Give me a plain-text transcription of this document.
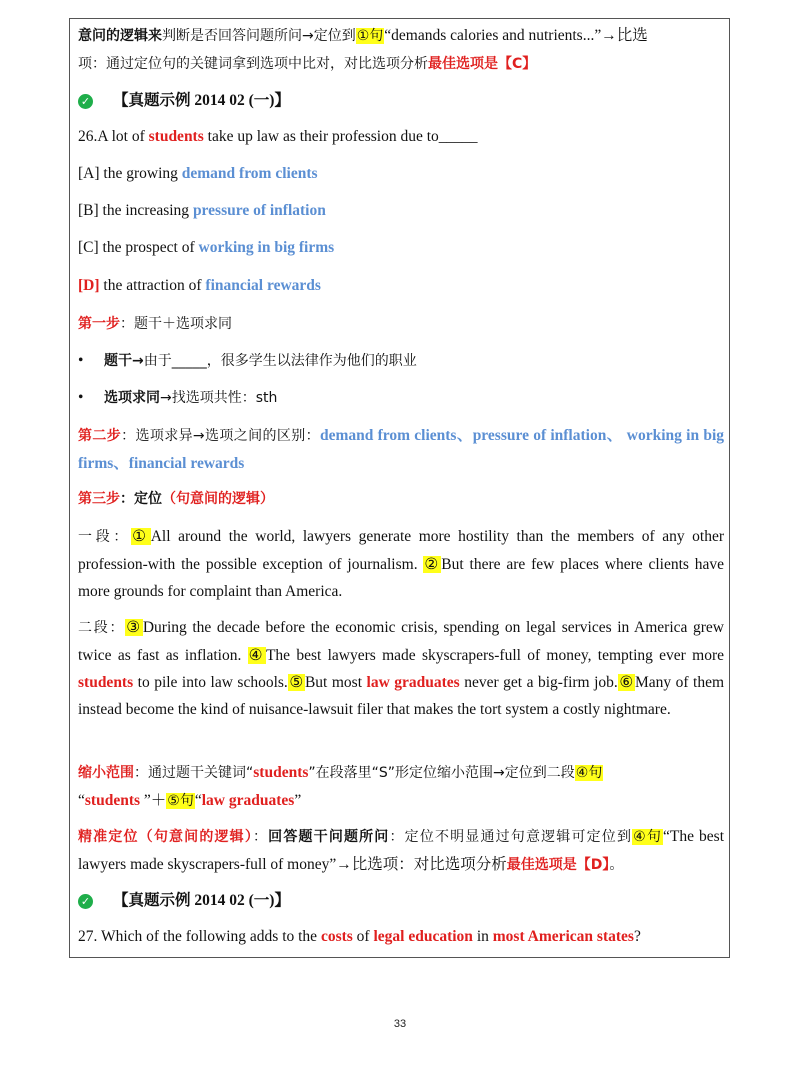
意问的逻辑来判断是否回答问题所问→定位到①句“demands calories and nutrients...”→比选
项：通过定位句的关键词拿到选项中比对，对比选项分析最佳选项是【C】
✓ 【真题示例 2014 02 (一)】
26.A lot of students take up law as their profession due to_____
[A] the growing demand from clients
[B] the increasing pressure of inflation
[C] the prospect of working in big firms
[D] the attraction of financial rewards
第一步：题干＋选项求同
• 题干→由于_____，很多学生以法律作为他们的职业
• 选项求同→找选项共性：sth
第二步：选项求异→选项之间的区别：demand from clients、pressure of inflation、 working in big firms、financial rewards
第三步：定位（句意间的逻辑）
一段：①All around the world, lawyers generate more hostility than the members of any other profession-with the possible exception of journalism. ②But there are few places where clients have more grounds for complaint than America.
二段：③During the decade before the economic crisis, spending on legal services in America grew twice as fast as inflation. ④The best lawyers made skyscrapers-full of money, tempting ever more students to pile into law schools.⑤But most law graduates never get a big-firm job.⑥Many of them instead become the kind of nuisance-lawsuit filer that makes the tort system a costly nightmare.
缩小范围：通过题干关键词“students”在段落里“S”形定位缩小范围→定位到二段④句
“students ”＋⑤句“law graduates”
精准定位（句意间的逻辑）：回答题干问题所问：定位不明显通过句意逻辑可定位到④句“The best lawyers made skyscrapers-full of money”→比选项：对比选项分析最佳选项是【D】。
✓ 【真题示例 2014 02 (一)】
27. Which of the following adds to the costs of legal education in most American states?
33
